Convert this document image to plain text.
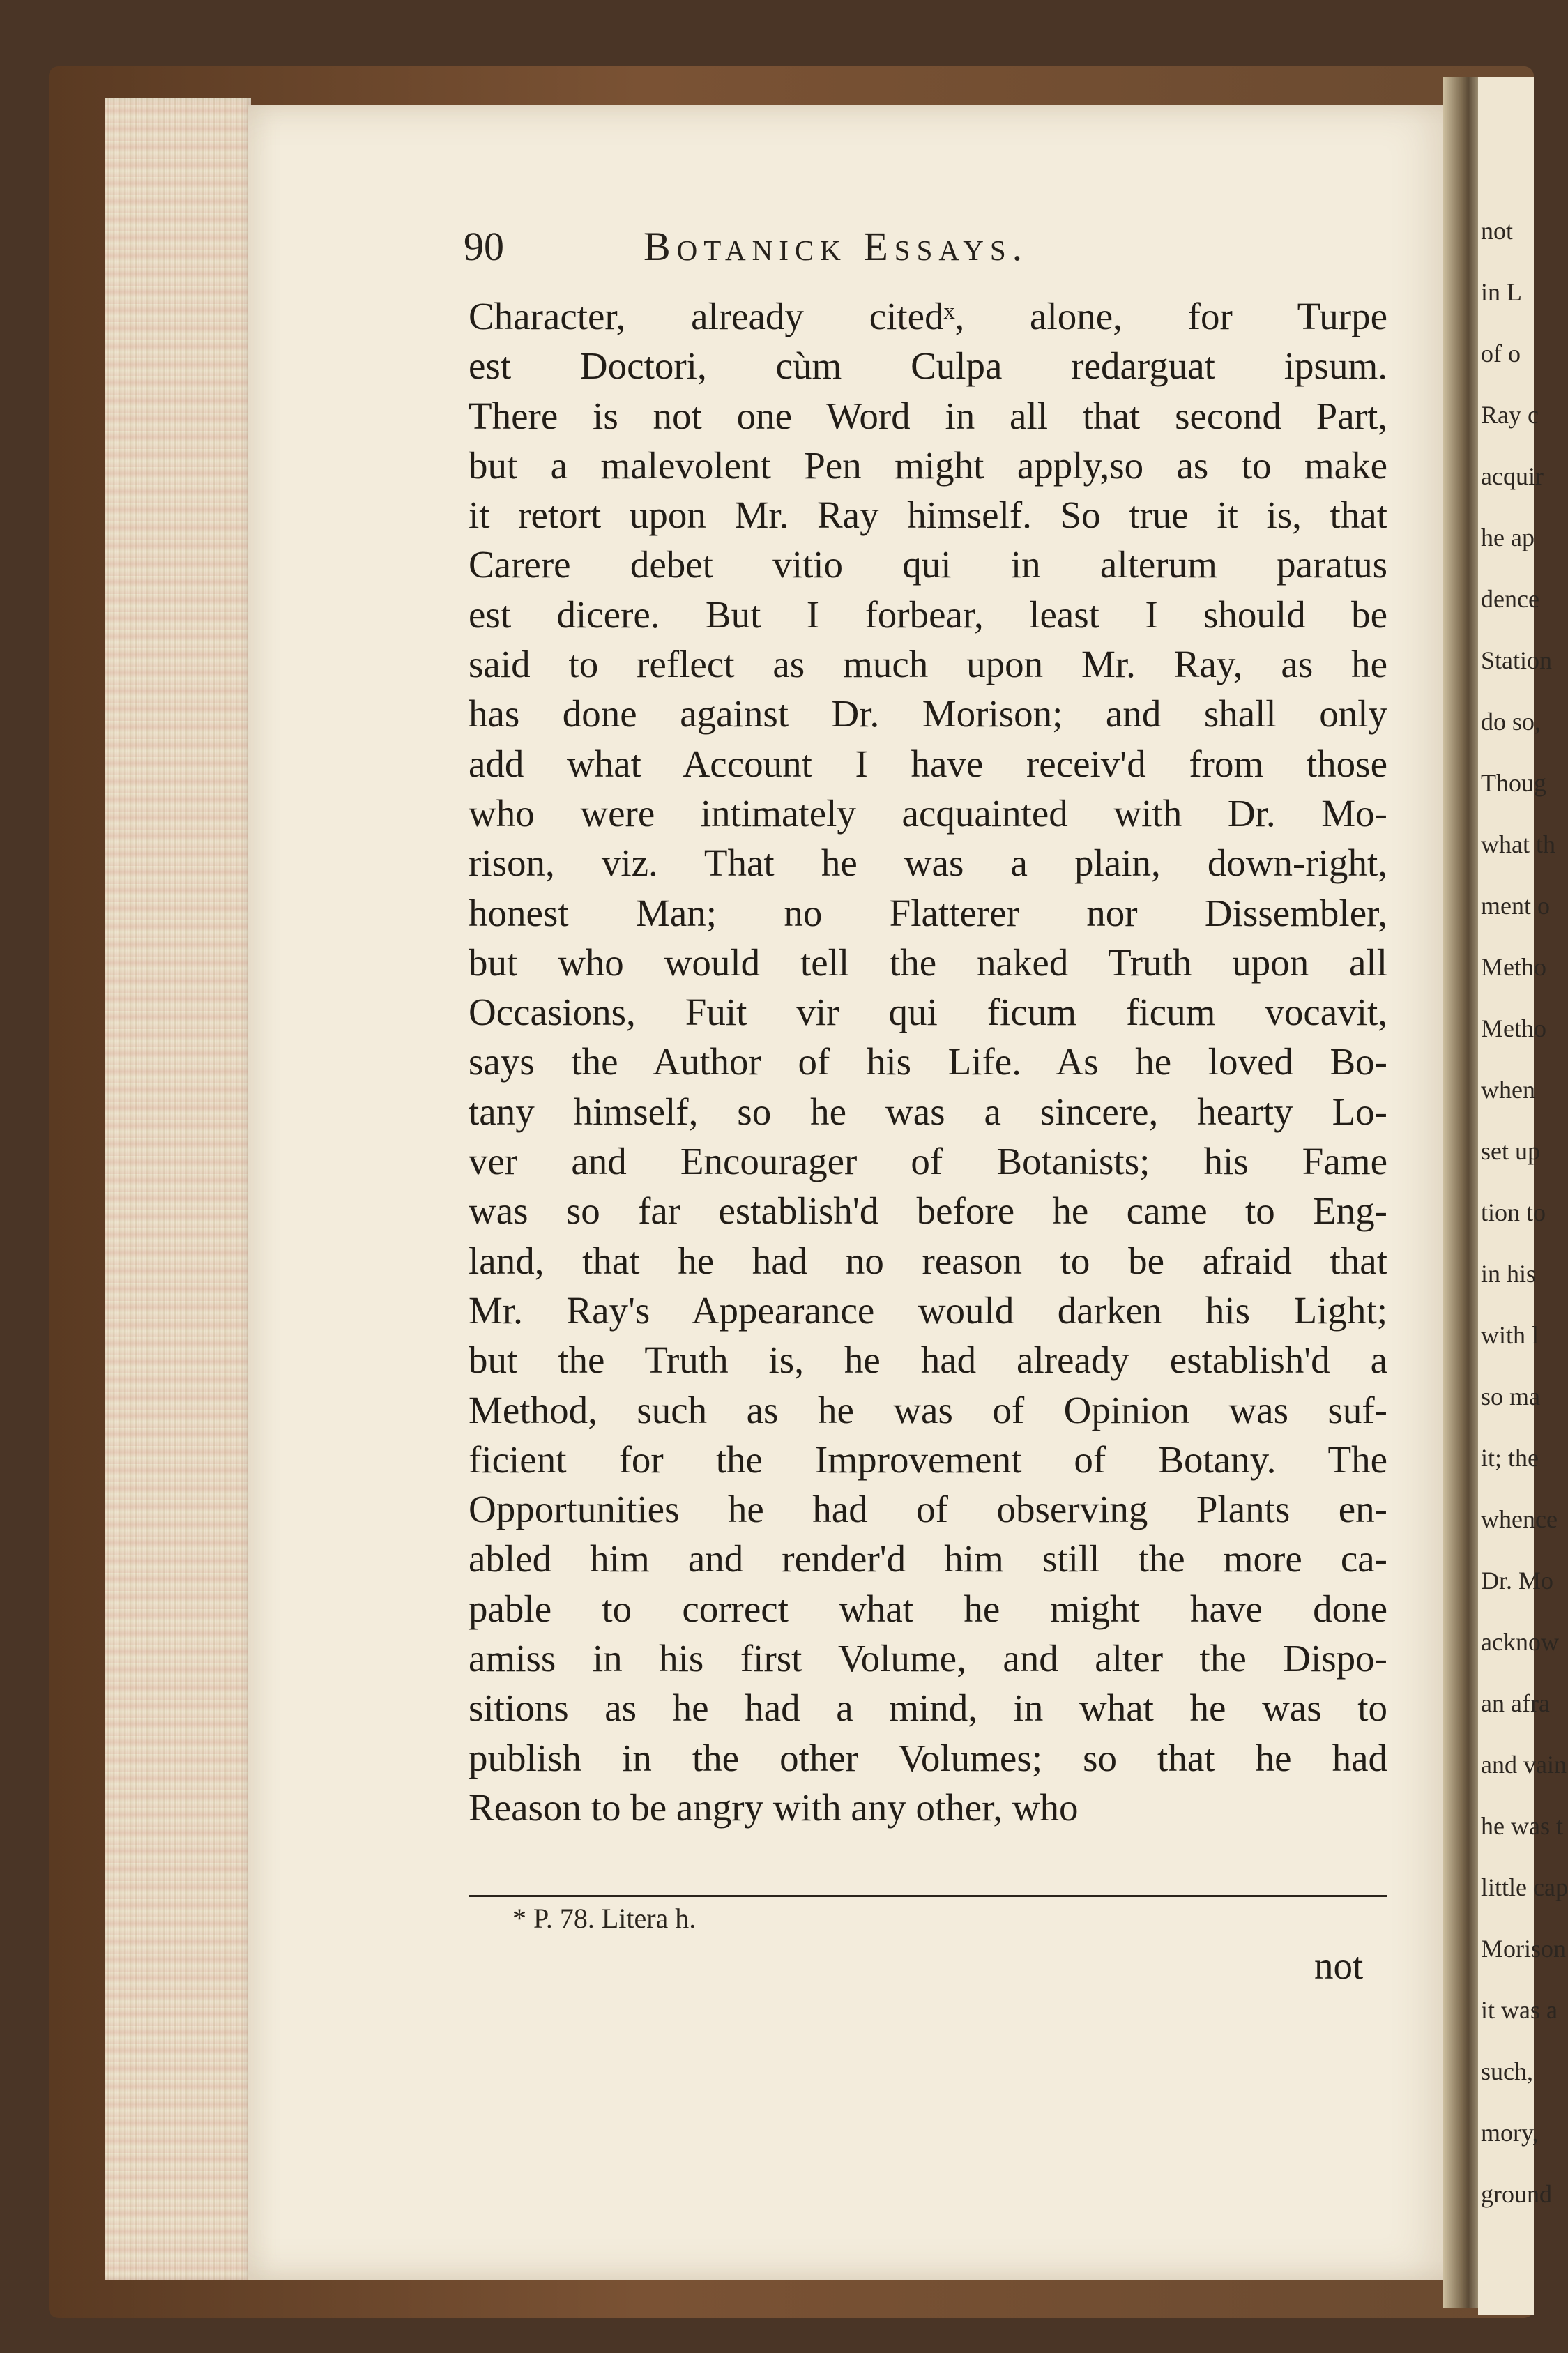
not
in L
of o
Ray c
acquir
he ap
dence
Station
do so,
Thoug
what th
ment o
Metho
Metho
when
set up
tion to
in his
with l
so ma
it; the
whence
Dr. Mo
acknow
an afra
and vain
he was t
little cap
Morison
it was a
such,
mory,
ground
90	Botanick Essays.
Character, already citedˣ, alone, for Turpe
est Doctori, cùm Culpa redarguat ipsum.
There is not one Word in all that second Part,
but a malevolent Pen might apply,so as to make
it retort upon Mr. Ray himself. So true it is, that
Carere debet vitio qui in alterum paratus
est dicere. But I forbear, least I should be
said to reflect as much upon Mr. Ray, as he
has done against Dr. Morison; and shall only
add what Account I have receiv'd from those
who were intimately acquainted with Dr. Mo-
rison, viz. That he was a plain, down-right,
honest Man; no Flatterer nor Dissembler,
but who would tell the naked Truth upon all
Occasions, Fuit vir qui ficum ficum vocavit,
says the Author of his Life. As he loved Bo-
tany himself, so he was a sincere, hearty Lo-
ver and Encourager of Botanists; his Fame
was so far establish'd before he came to Eng-
land, that he had no reason to be afraid that
Mr. Ray's Appearance would darken his Light;
but the Truth is, he had already establish'd a
Method, such as he was of Opinion was suf-
ficient for the Improvement of Botany. The
Opportunities he had of observing Plants en-
abled him and render'd him still the more ca-
pable to correct what he might have done
amiss in his first Volume, and alter the Dispo-
sitions as he had a mind, in what he was to
publish in the other Volumes; so that he had
Reason to be angry with any other, who
* P. 78. Litera h.
not
